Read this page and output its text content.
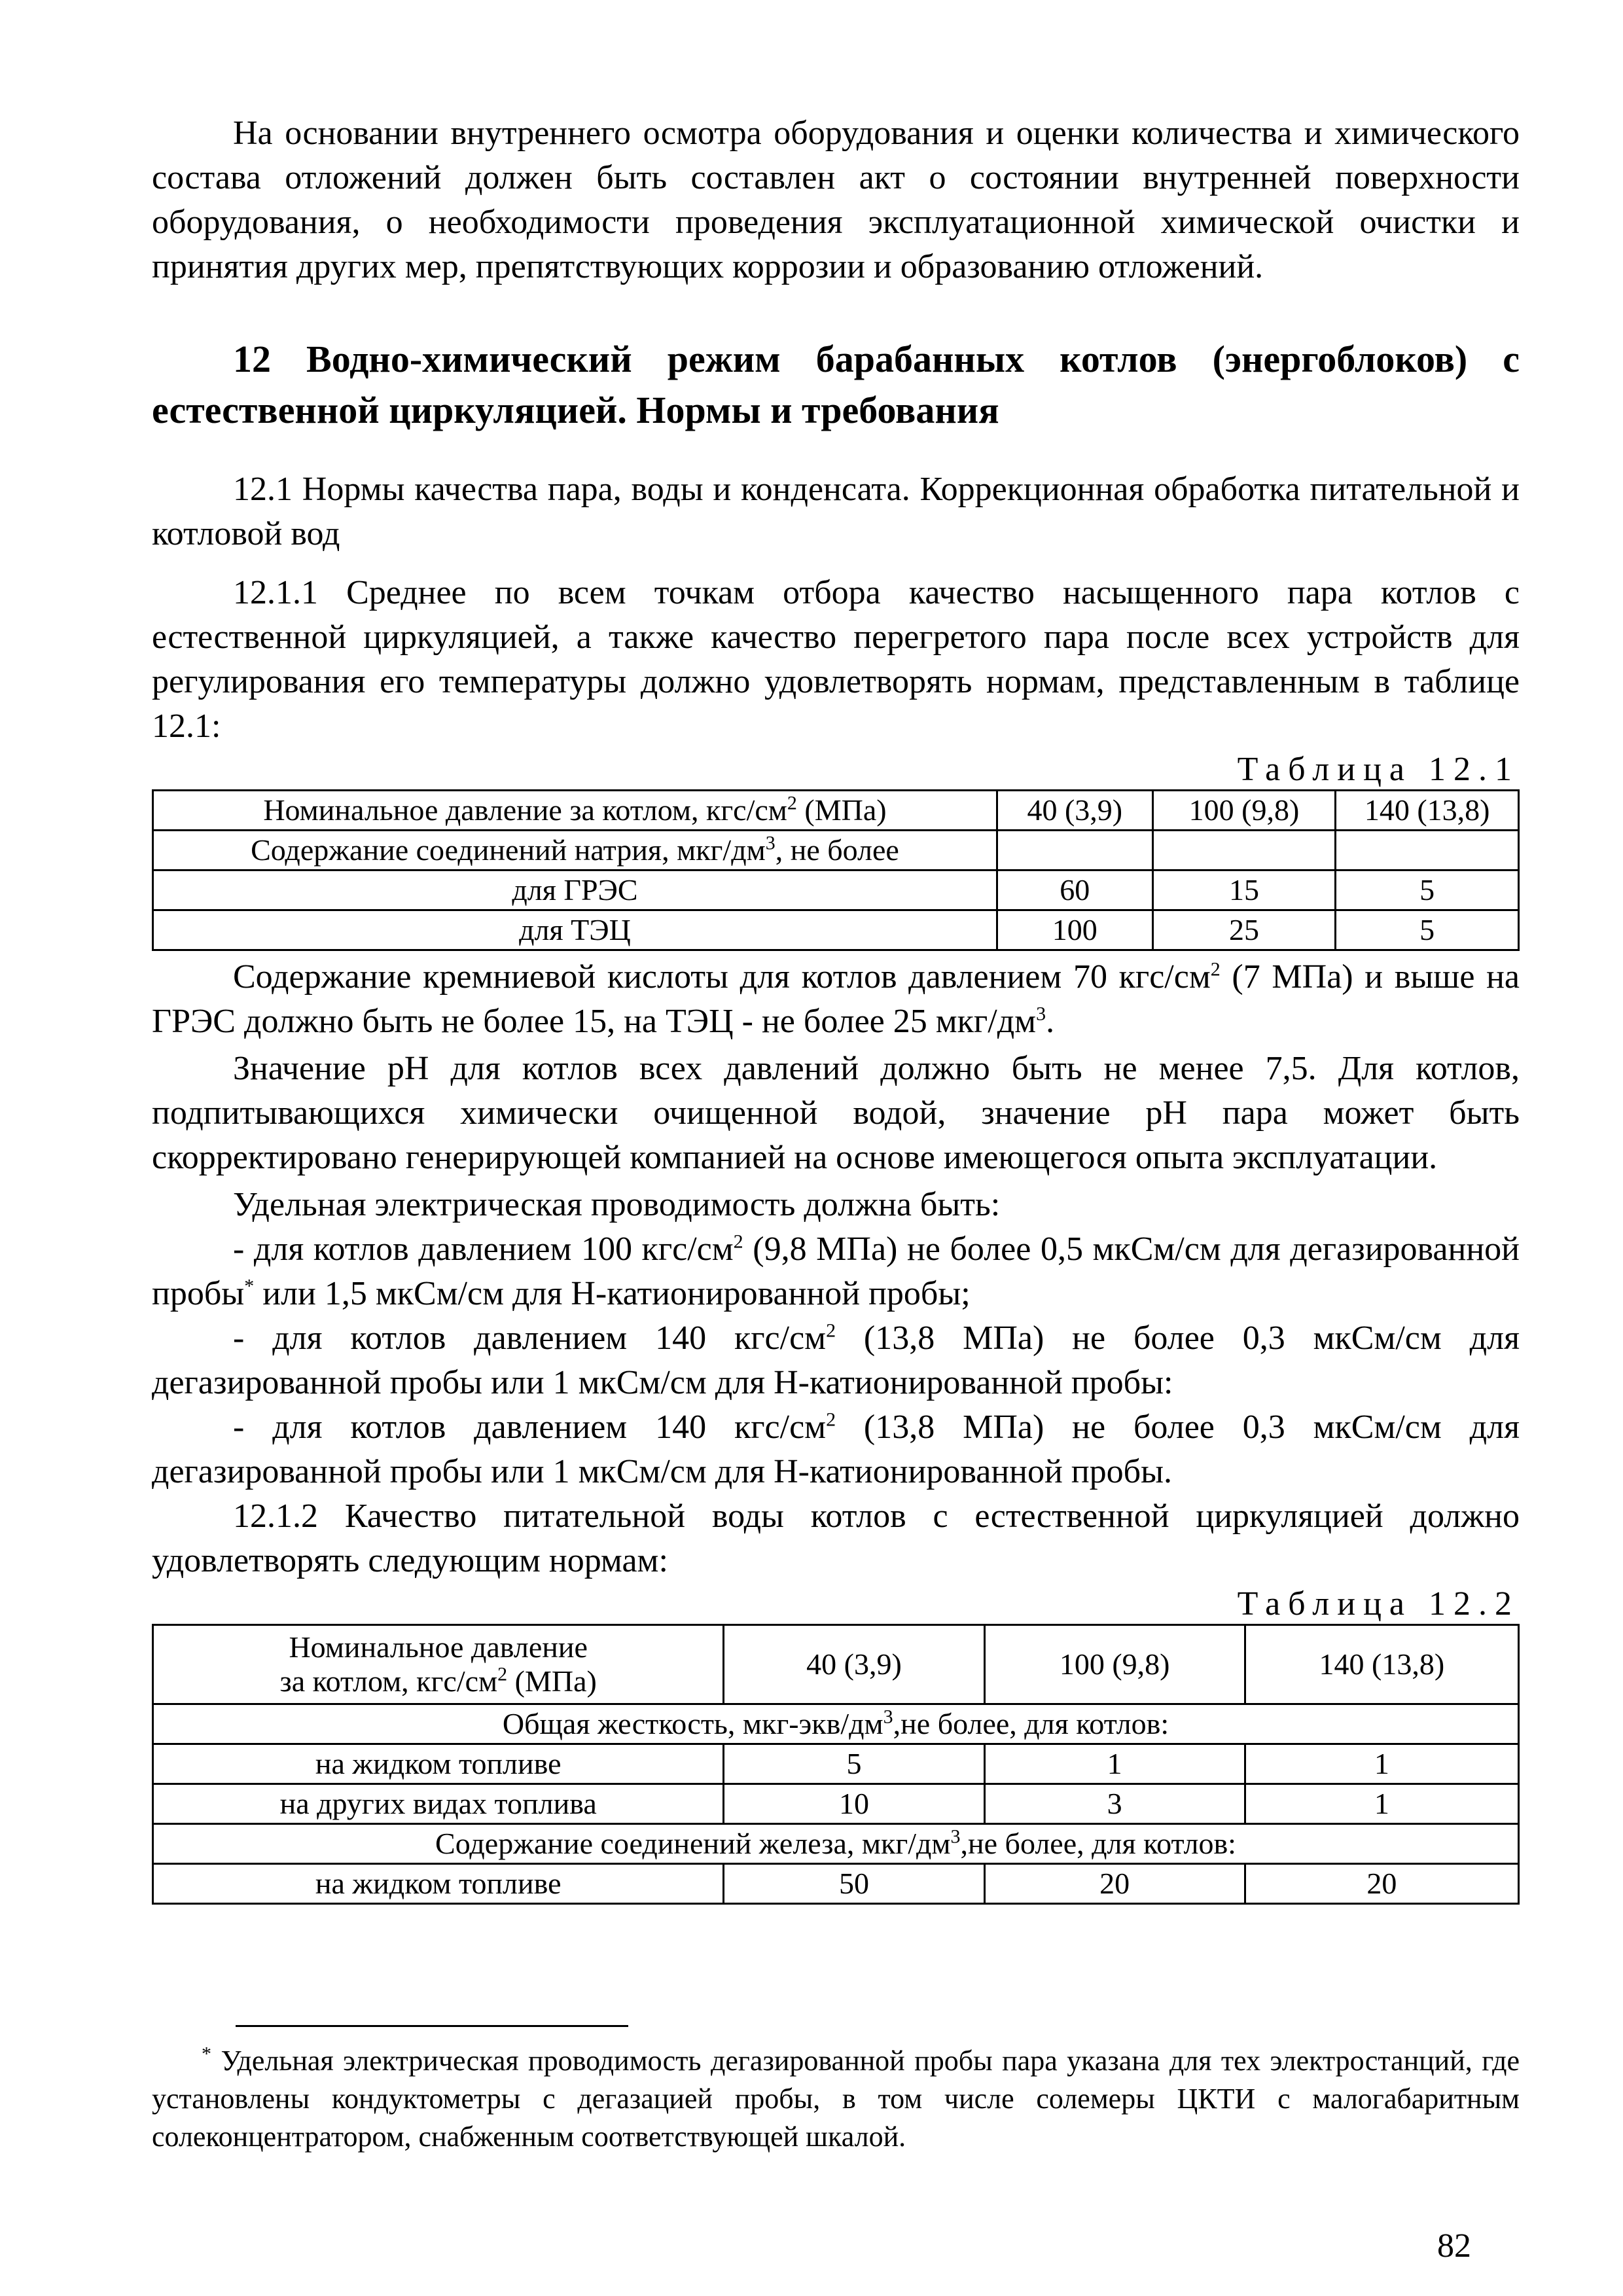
На основании внутреннего осмотра оборудования и оценки количества и химического состава отложений должен быть составлен акт о состоянии внутренней поверхности оборудования, о необходимости проведения эксплуатационной химической очистки и принятия других мер, препятствующих коррозии и образованию отложений.

12 Водно-химический режим барабанных котлов (энергоблоков) с естественной циркуляцией. Нормы и требования

12.1 Нормы качества пара, воды и конденсата. Коррекционная обработка питательной и котловой вод

12.1.1 Среднее по всем точкам отбора качество насыщенного пара котлов с естественной циркуляцией, а также качество перегретого пара после всех устройств для регулирования его температуры должно удовлетворять нормам, представленным в таблице 12.1:

Таблица 12.1
Номинальное давление за котлом, кгс/$см^2$ (МПа)	40 (3,9)	100 (9,8)	140 (13,8)
Содержание соединений натрия, мкг/$дм^3$, не более			
для ГРЭС	60	15	5
для ТЭЦ	100	25	5

Содержание кремниевой кислоты для котлов давлением 70 кгс/$см^2$ (7 МПа) и выше на ГРЭС должно быть не более 15, на ТЭЦ - не более 25 мкг/$дм^3$.

Значение рН для котлов всех давлений должно быть не менее 7,5. Для котлов, подпитывающихся химически очищенной водой, значение рН пара может быть скорректировано генерирующей компанией на основе имеющегося опыта эксплуатации.

Удельная электрическая проводимость должна быть:

- для котлов давлением 100 кгс/$см^2$ (9,8 МПа) не более 0,5 мкСм/см для дегазированной пробы* или 1,5 мкСм/см для Н-катионированной пробы;

- для котлов давлением 140 кгс/$см^2$ (13,8 МПа) не более 0,3 мкСм/см для дегазированной пробы или 1 мкСм/см для Н-катионированной пробы:

- для котлов давлением 140 кгс/$см^2$ (13,8 МПа) не более 0,3 мкСм/см для дегазированной пробы или 1 мкСм/см для Н-катионированной пробы.

12.1.2 Качество питательной воды котлов с естественной циркуляцией должно удовлетворять следующим нормам:

Таблица 12.2
Номинальное давление
за котлом, кгс/$см^2$ (МПа)	40 (3,9)	100 (9,8)	140 (13,8)
Общая жесткость, мкг-$экв/дм^3,не$ более, для котлов:			
на жидком топливе	5	1	1
на других видах топлива	10	3	1
Содержание соединений железа, мкг/$дм^3,не$ более, для котлов:			
на жидком топливе	50	20	20
* Удельная электрическая проводимость дегазированной пробы пара указана для тех электростанций, где установлены кондуктометры с дегазацией пробы, в том числе солемеры ЦКТИ с малогабаритным солеконцентратором, снабженным соответствующей шкалой.
82
